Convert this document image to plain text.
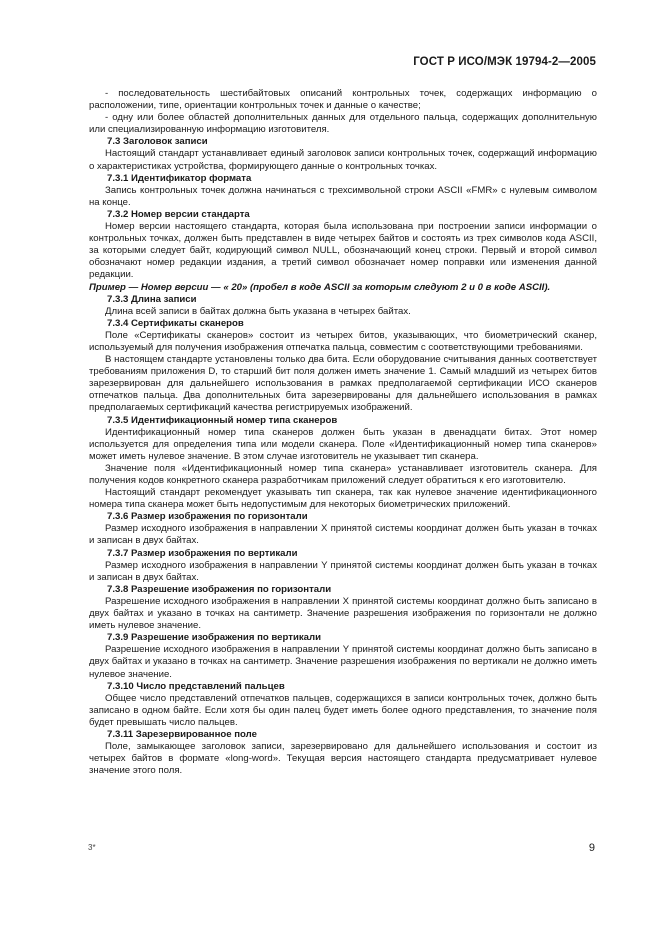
ГОСТ Р ИСО/МЭК 19794-2—2005

- последовательность шестибайтовых описаний контрольных точек, содержащих информацию о расположении, типе, ориентации контрольных точек и данные о качестве;

- одну или более областей дополнительных данных для отдельного пальца, содержащих дополнительную или специализированную информацию изготовителя.

7.3 Заголовок записи

Настоящий стандарт устанавливает единый заголовок записи контрольных точек, содержащий информацию о характеристиках устройства, формирующего данные о контрольных точках.

7.3.1 Идентификатор формата

Запись контрольных точек должна начинаться с трехсимвольной строки ASCII «FMR» с нулевым символом на конце.

7.3.2 Номер версии стандарта

Номер версии настоящего стандарта, которая была использована при построении записи информации о контрольных точках, должен быть представлен в виде четырех байтов и состоять из трех символов кода ASCII, за которыми следует байт, кодирующий символ NULL, обозначающий конец строки. Первый и второй символ обозначают номер редакции издания, а третий символ обозначает номер поправки или изменения данной редакции.

Пример — Номер версии — « 20» (пробел в коде ASCII за которым следуют 2 и 0 в коде ASCII).

7.3.3 Длина записи

Длина всей записи в байтах должна быть указана в четырех байтах.

7.3.4 Сертификаты сканеров

Поле «Сертификаты сканеров» состоит из четырех битов, указывающих, что биометрический сканер, используемый для получения изображения отпечатка пальца, совместим с соответствующими требованиями.

В настоящем стандарте установлены только два бита. Если оборудование считывания данных соответствует требованиям приложения D, то старший бит поля должен иметь значение 1. Самый младший из четырех битов зарезервирован для дальнейшего использования в рамках предполагаемой сертификации ИСО сканеров отпечатков пальца. Два дополнительных бита зарезервированы для дальнейшего использования в рамках предполагаемых сертификаций качества регистрируемых изображений.

7.3.5 Идентификационный номер типа сканеров

Идентификационный номер типа сканеров должен быть указан в двенадцати битах. Этот номер используется для определения типа или модели сканера. Поле «Идентификационный номер типа сканеров» может иметь нулевое значение. В этом случае изготовитель не указывает тип сканера.

Значение поля «Идентификационный номер типа сканера» устанавливает изготовитель сканера. Для получения кодов конкретного сканера разработчикам приложений следует обратиться к его изготовителю.

Настоящий стандарт рекомендует указывать тип сканера, так как нулевое значение идентификационного номера типа сканера может быть недопустимым для некоторых биометрических приложений.

7.3.6 Размер изображения по горизонтали

Размер исходного изображения в направлении X принятой системы координат должен быть указан в точках и записан в двух байтах.

7.3.7 Размер изображения по вертикали

Размер исходного изображения в направлении Y принятой системы координат должен быть указан в точках и записан в двух байтах.

7.3.8 Разрешение изображения по горизонтали

Разрешение исходного изображения в направлении X принятой системы координат должно быть записано в двух байтах и указано в точках на сантиметр. Значение разрешения изображения по горизонтали не должно иметь нулевое значение.

7.3.9 Разрешение изображения по вертикали

Разрешение исходного изображения в направлении Y принятой системы координат должно быть записано в двух байтах и указано в точках на сантиметр. Значение разрешения изображения по вертикали не должно иметь нулевое значение.

7.3.10 Число представлений пальцев

Общее число представлений отпечатков пальцев, содержащихся в записи контрольных точек, должно быть записано в одном байте. Если хотя бы один палец будет иметь более одного представления, то значение поля будет превышать число пальцев.

7.3.11 Зарезервированное поле

Поле, замыкающее заголовок записи, зарезервировано для дальнейшего использования и состоит из четырех байтов в формате «long-word». Текущая версия настоящего стандарта предусматривает нулевое значение этого поля.

3*	9
